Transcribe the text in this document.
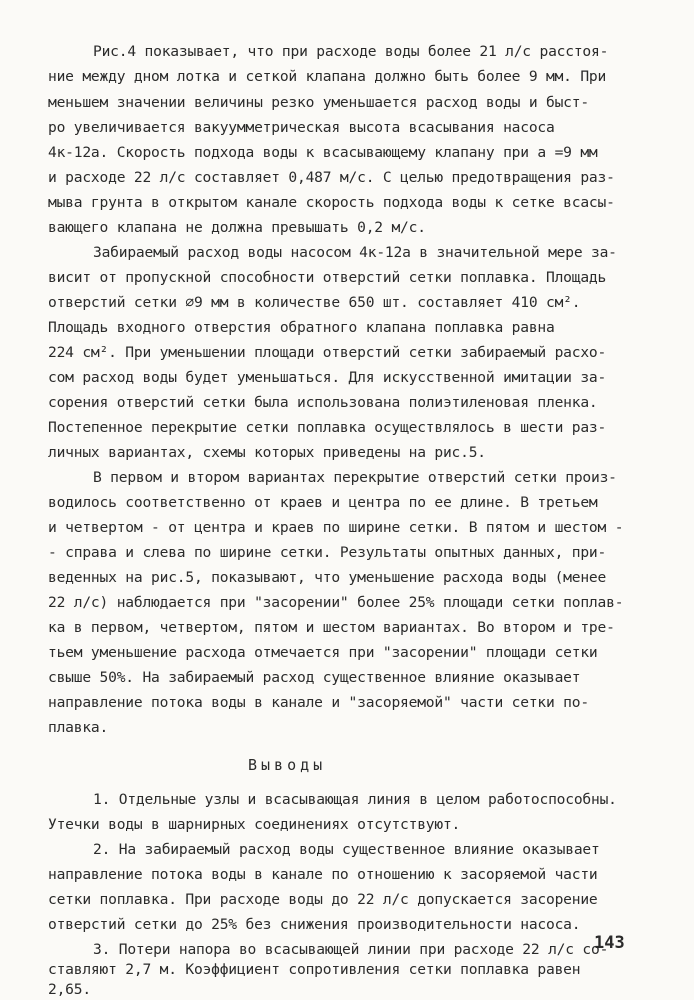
Рис.4 показывает, что при расходе воды более 21 л/с расстоя-
ние между дном лотка и сеткой клапана должно быть более 9 мм. При
меньшем значении величины резко уменьшается расход воды и быст-
ро увеличивается вакуумметрическая высота всасывания насоса
4к-12а. Скорость подхода воды к всасывающему клапану при a =9 мм
и расходе 22 л/с составляет 0,487 м/с. С целью предотвращения раз-
мыва грунта в открытом канале скорость подхода воды к сетке всасы-
вающего клапана не должна превышать 0,2 м/с.
Забираемый расход воды насосом 4к-12а в значительной мере за-
висит от пропускной способности отверстий сетки поплавка. Площадь
отверстий сетки ∅9 мм в количестве 650 шт. составляет 410 см².
Площадь входного отверстия обратного клапана поплавка равна
224 см². При уменьшении площади отверстий сетки забираемый расхо-
сом расход воды будет уменьшаться. Для искусственной имитации за-
сорения отверстий сетки была использована полиэтиленовая пленка.
Постепенное перекрытие сетки поплавка осуществлялось в шести раз-
личных вариантах, схемы которых приведены на рис.5.
В первом и втором вариантах перекрытие отверстий сетки произ-
водилось соответственно от краев и центра по ее длине. В третьем
и четвертом - от центра и краев по ширине сетки. В пятом и шестом -
- справа и слева по ширине сетки. Результаты опытных данных, при-
веденных на рис.5, показывают, что уменьшение расхода воды (менее
22 л/с) наблюдается при "засорении" более 25% площади сетки поплав-
ка в первом, четвертом, пятом и шестом вариантах. Во втором и тре-
тьем уменьшение расхода отмечается при "засорении" площади сетки
свыше 50%. На забираемый расход существенное влияние оказывает
направление потока воды в канале и "засоряемой" части сетки по-
плавка.
Выводы
1. Отдельные узлы и всасывающая линия в целом работоспособны.
Утечки воды в шарнирных соединениях отсутствуют.
2. На забираемый расход воды существенное влияние оказывает
направление потока воды в канале по отношению к засоряемой части
сетки поплавка. При расходе воды до 22 л/с допускается засорение
отверстий сетки до 25% без снижения производительности насоса.
3. Потери напора во всасывающей линии при расходе 22 л/с со-
ставляют 2,7 м. Коэффициент сопротивления сетки поплавка равен
2,65.
143
